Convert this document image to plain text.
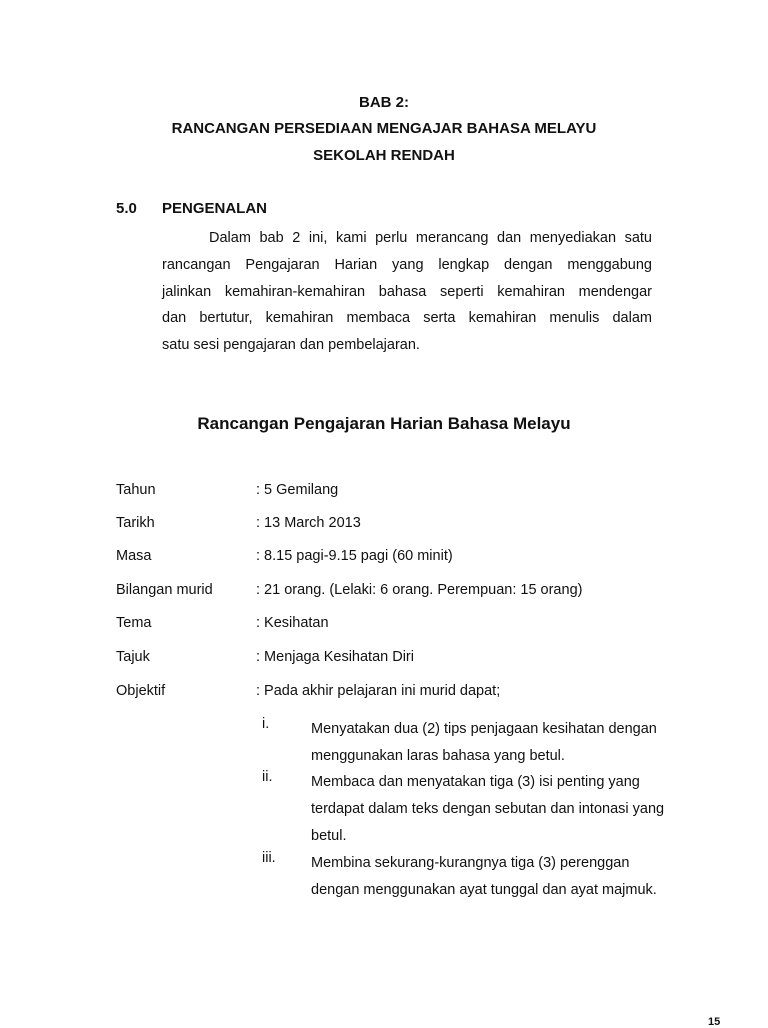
BAB 2:
RANCANGAN PERSEDIAAN MENGAJAR BAHASA MELAYU
SEKOLAH RENDAH
5.0 PENGENALAN
Dalam bab 2 ini, kami perlu merancang dan menyediakan satu
rancangan Pengajaran Harian yang lengkap dengan menggabung
jalinkan kemahiran-kemahiran bahasa seperti kemahiran mendengar
dan bertutur, kemahiran membaca serta kemahiran menulis dalam
satu sesi pengajaran dan pembelajaran.
Rancangan Pengajaran Harian Bahasa Melayu
Tahun	: 5 Gemilang
Tarikh	: 13 March 2013
Masa	: 8.15 pagi-9.15 pagi (60 minit)
Bilangan murid	: 21 orang. (Lelaki: 6 orang. Perempuan: 15 orang)
Tema	: Kesihatan
Tajuk	: Menjaga Kesihatan Diri
Objektif	: Pada akhir pelajaran ini murid dapat;
i.	Menyatakan dua (2) tips penjagaan kesihatan dengan menggunakan laras bahasa yang betul.
ii.	Membaca dan menyatakan tiga (3) isi penting yang terdapat dalam teks dengan sebutan dan intonasi yang betul.
iii. Membina sekurang-kurangnya tiga (3) perenggan dengan menggunakan ayat tunggal dan ayat majmuk.
15
